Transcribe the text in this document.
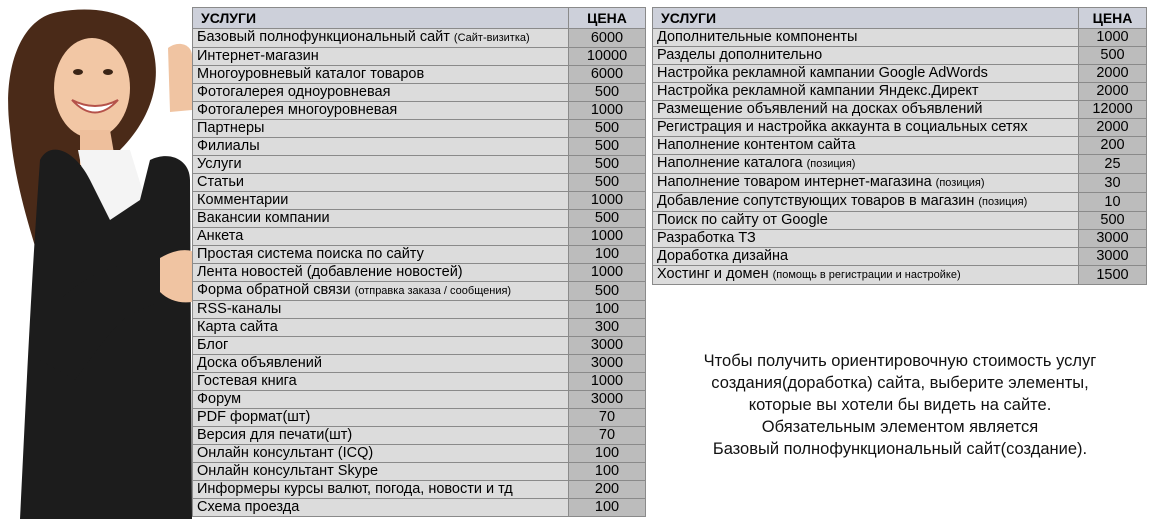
УСЛУГИ	ЦЕНА
Базовый полнофункциональный сайт (Сайт-визитка)	6000
Интернет-магазин	10000
Многоуровневый каталог товаров	6000
Фотогалерея одноуровневая	500
Фотогалерея многоуровневая	1000
Партнеры	500
Филиалы	500
Услуги	500
Статьи	500
Комментарии	1000
Вакансии компании	500
Анкета	1000
Простая система поиска по сайту	100
Лента новостей (добавление новостей)	1000
Форма обратной связи (отправка заказа / сообщения)	500
RSS-каналы	100
Карта сайта	300
Блог	3000
Доска объявлений	3000
Гостевая книга	1000
Форум	3000
PDF формат(шт)	70
Версия для печати(шт)	70
Онлайн консультант (ICQ)	100
Онлайн консультант Skype	100
Информеры курсы валют, погода, новости и тд	200
Схема проезда	100
УСЛУГИ	ЦЕНА
Дополнительные компоненты	1000
Разделы дополнительно	500
Настройка рекламной кампании Google AdWords	2000
Настройка рекламной кампании Яндекс.Директ	2000
Размещение объявлений на досках объявлений	12000
Регистрация и настройка аккаунта в социальных сетях	2000
Наполнение контентом сайта	200
Наполнение каталога (позиция)	25
Наполнение товаром интернет-магазина (позиция)	30
Добавление сопутствующих товаров в магазин (позиция)	10
Поиск по сайту от Google	500
Разработка ТЗ	3000
Доработка дизайна	3000
Хостинг и домен (помощь в регистрации и настройке)	1500
Чтобы получить ориентировочную стоимость услуг
создания(доработка) сайта, выберите элементы,
которые вы хотели бы видеть на сайте.
Обязательным элементом является
Базовый полнофункциональный сайт(создание).
